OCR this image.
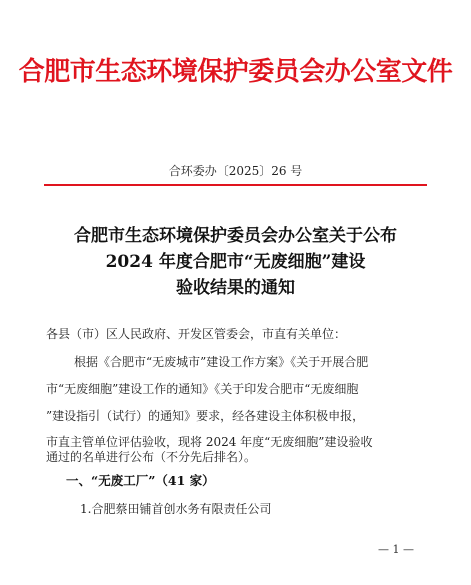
合肥市生态环境保护委员会办公室文件
合环委办〔2025〕26 号
合肥市生态环境保护委员会办公室关于公布
2024 年度合肥市“无废细胞”建设
验收结果的通知
各县（市）区人民政府、开发区管委会，市直有关单位：
根据《合肥市“无废城市”建设工作方案》《关于开展合肥
市“无废细胞”建设工作的通知》《关于印发合肥市“无废细胞
”建设指引（试行）的通知》要求，经各建设主体积极申报，
市直主管单位评估验收，现将 2024 年度“无废细胞”建设验收
通过的名单进行公布（不分先后排名）。
一、“无废工厂”（41 家）
1.合肥蔡田铺首创水务有限责任公司
— 1 —
